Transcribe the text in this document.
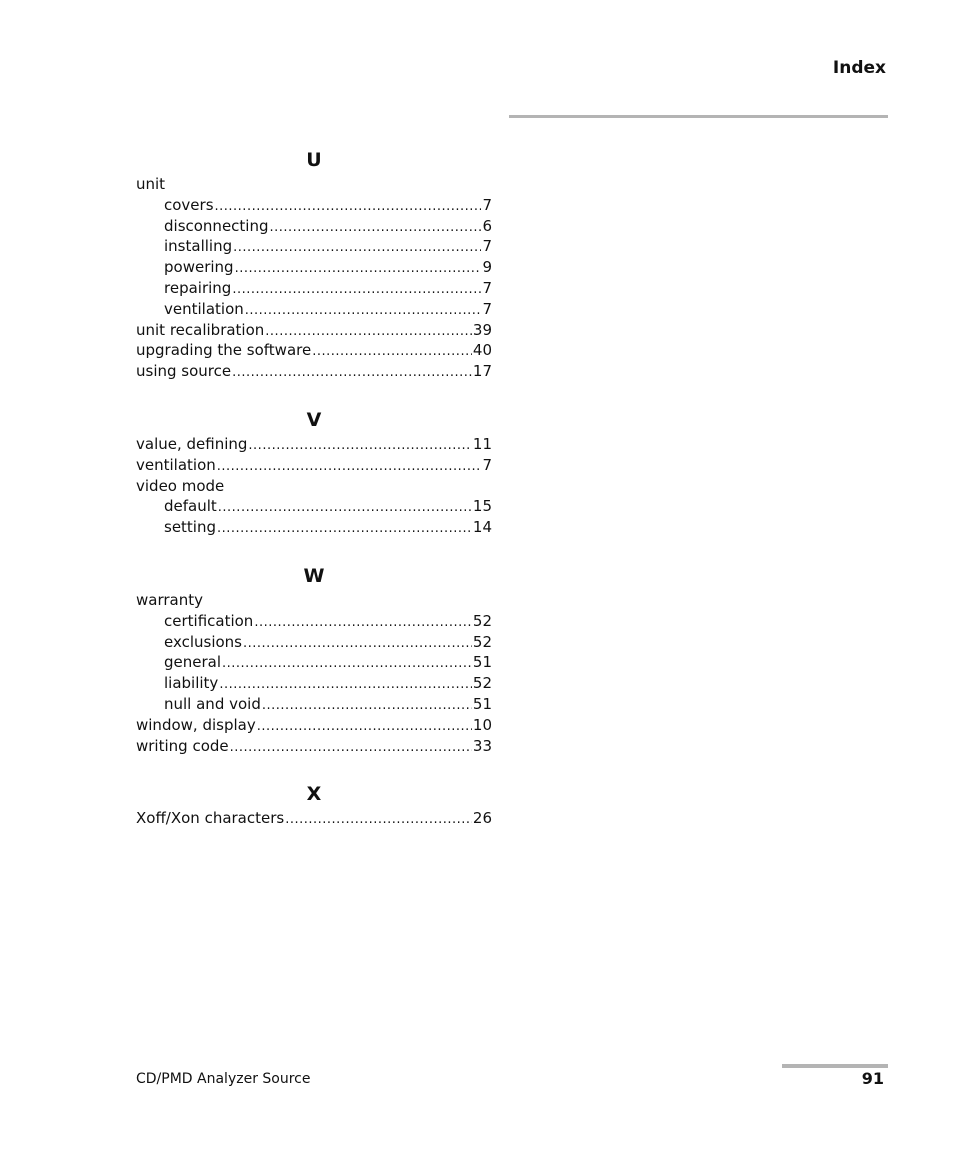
Index
U
unit
covers .....	7
disconnecting .....	6
installing .....	7
powering .....	9
repairing .....	7
ventilation .....	7
unit recalibration .....	39
upgrading the software .....	40
using source .....	17
V
value, defining .....	11
ventilation .....	7
video mode
default .....	15
setting .....	14
W
warranty
certification .....	52
exclusions .....	52
general .....	51
liability .....	52
null and void .....	51
window, display .....	10
writing code .....	33
X
Xoff/Xon characters .....	26
CD/PMD Analyzer Source	91
